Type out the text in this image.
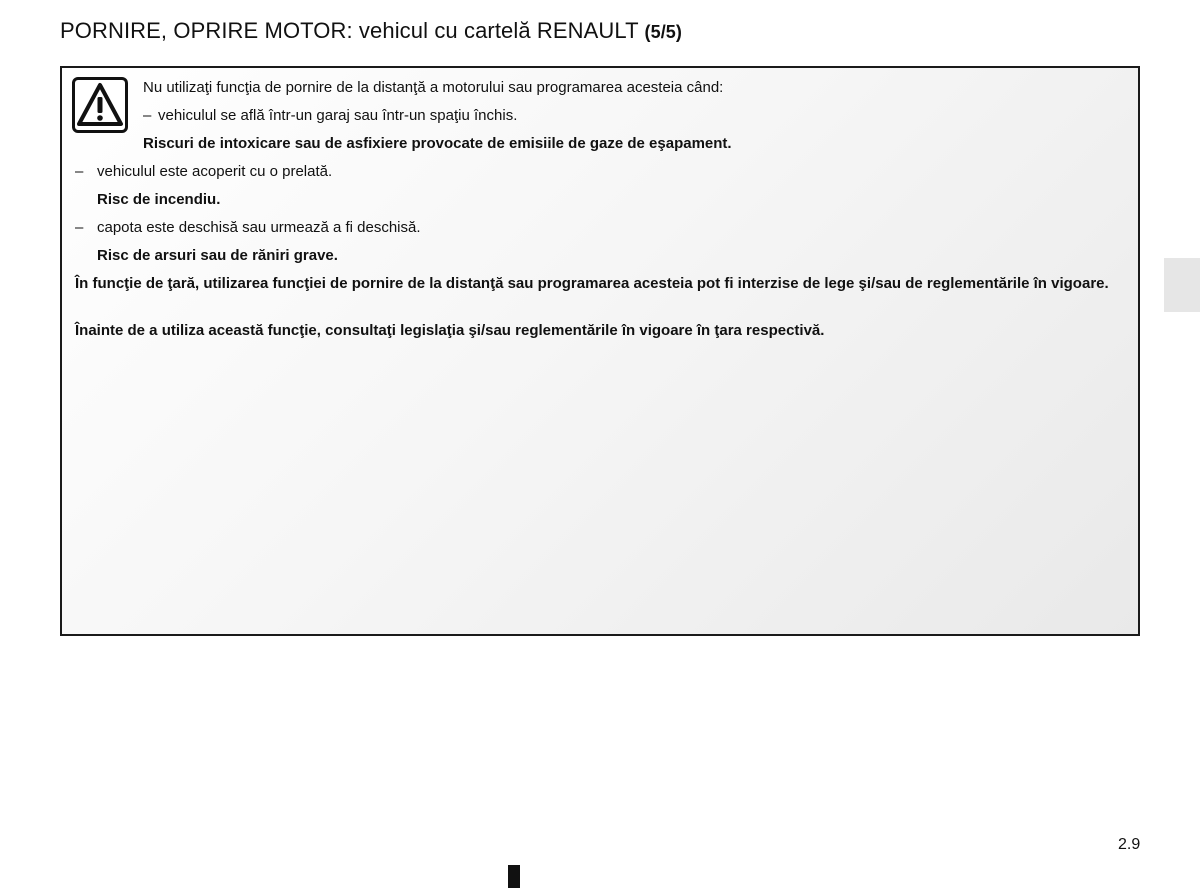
PORNIRE, OPRIRE MOTOR: vehicul cu cartelă RENAULT (5/5)
Nu utilizaţi funcţia de pornire de la distanţă a motorului sau programarea acesteia când:
– vehiculul se află într-un garaj sau într-un spaţiu închis.
Riscuri de intoxicare sau de asfixiere provocate de emisiile de gaze de eşapament.
– vehiculul este acoperit cu o prelată.
Risc de incendiu.
– capota este deschisă sau urmează a fi deschisă.
Risc de arsuri sau de răniri grave.
În funcţie de ţară, utilizarea funcţiei de pornire de la distanţă sau programarea acesteia pot fi interzise de lege şi/sau de reglementările în vigoare.
Înainte de a utiliza această funcţie, consultaţi legislaţia şi/sau reglementările în vigoare în ţara respectivă.
2.9
